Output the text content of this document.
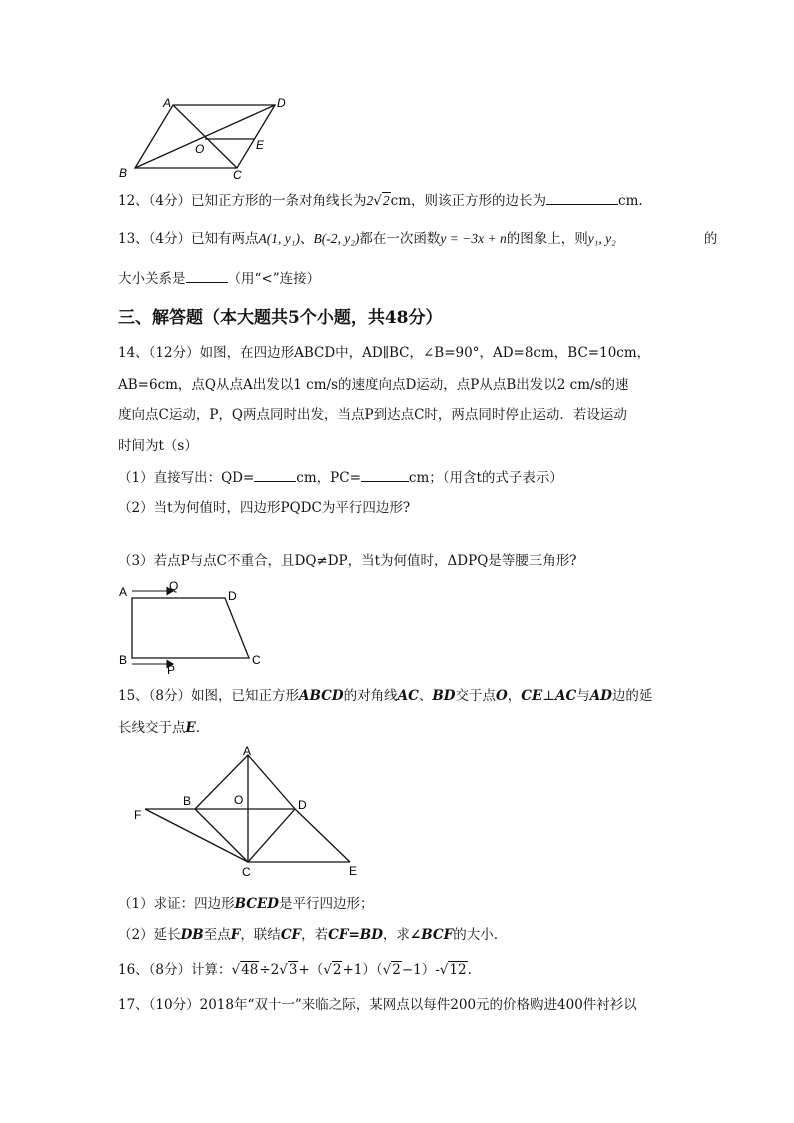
A	D
O	E
B	C
12、（4分）已知正方形的一条对角线长为2√2cm，则该正方形的边长为	cm.
13、（4分）已知有两点A(1, y₁)、B(-2, y₂)都在一次函数y = −3x + n的图象上，则y₁, y₂	的
大小关系是	（用“<”连接）
三、解答题（本大题共5个小题，共48分）
14、（12分）如图，在四边形ABCD中，AD∥BC，∠B=90°，AD=8cm，BC=10cm，
AB=6cm，点Q从点A出发以1 cm/s的速度向点D运动，点P从点B出发以2 cm/s的速
度向点C运动，P，Q两点同时出发，当点P到达点C时，两点同时停止运动．若设运动
时间为t（s）
（1）直接写出：QD=	cm，PC=	cm；（用含t的式子表示）
（2）当t为何值时，四边形PQDC为平行四边形?
（3）若点P与点C不重合，且DQ≠DP，当t为何值时，ΔDPQ是等腰三角形?
A	Q
D
B
P
C
15、（8分）如图，已知正方形ABCD的对角线AC、BD交于点O，CE⊥AC与AD边的延
长线交于点E.
A
B	O	D
F
C	E
（1）求证：四边形BCED是平行四边形；
（2）延长DB至点F，联结CF，若CF=BD，求∠BCF的大小.
16、（8分）计算：√48÷2√3+（√2+1）（√2−1）-√12.
17、（10分）2018年“双十一”来临之际，某网点以每件200元的价格购进400件衬衫以
